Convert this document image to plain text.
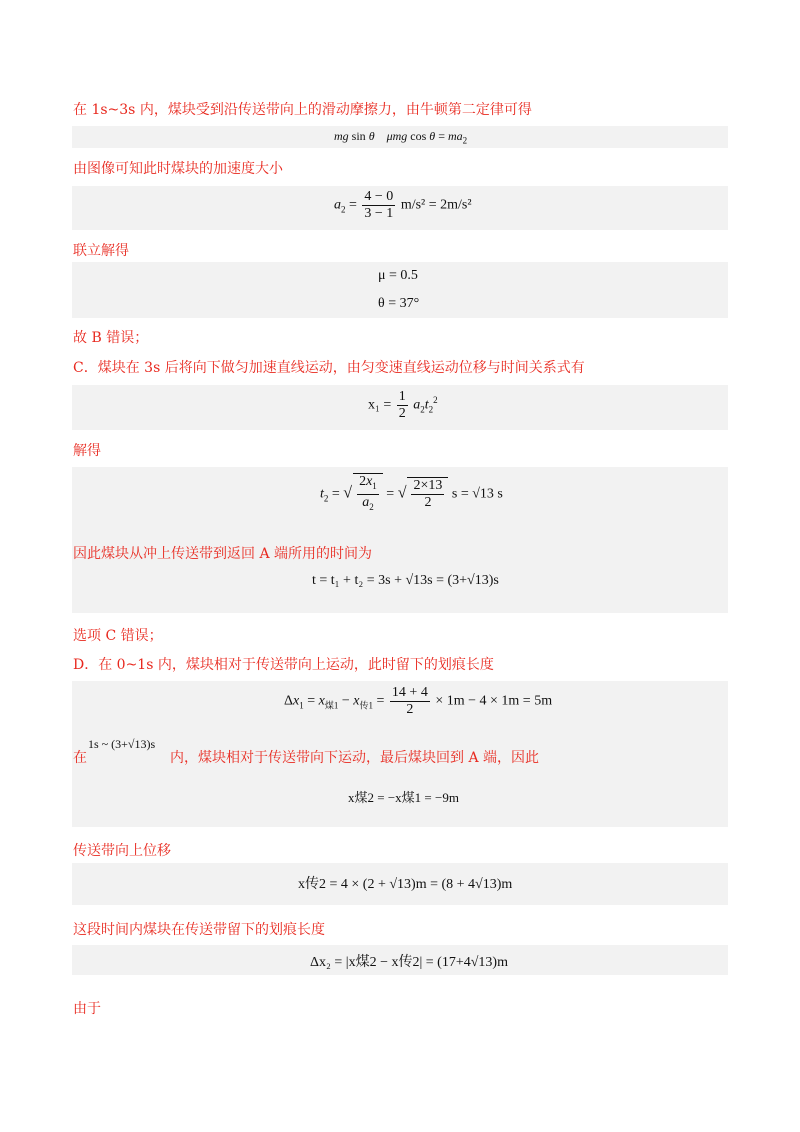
在 1s~3s 内，煤块受到沿传送带向上的滑动摩擦力，由牛顿第二定律可得
mg sin θ μmg $\cos \theta = ma_2$
由图像可知此时煤块的加速度大小
$a_2 = \frac{4 - 0}{3 - 1} m/s^2 = 2m/s^2$
联立解得
μ = 0.5
θ = 37°
故 B 错误；
C．煤块在 3s 后将向下做匀加速直线运动，由匀变速直线运动位移与时间关系式有
$x_1 = \frac{1}{2} a_2t_2^2$
解得
$t_2$ = √ $\frac{2x_1}{a_2}$ = √ $\frac{2\times 13}{2}$ s = √13 s
因此煤块从冲上传送带到返回 A 端所用的时间为
t = t₁ + t₂ = 3s + √13s = (3+√13)s
选项 C 错误；
D．在 0~1s 内，煤块相对于传送带向上运动，此时留下的划痕长度
$\Delta x_1 = x_{煤1} - x_{传1} = \frac{14 + 4}{2} \times 1m - 4 \times 1m = 5m$
在
1s ~ (3+√13)s
内，煤块相对于传送带向下运动，最后煤块回到 A 端，因此
x煤2 = −x煤1 = −9m
传送带向上位移
x传2 = 4 × (2 + √13)m = (8 + 4√13)m
这段时间内煤块在传送带留下的划痕长度
Δx₂ = |x煤2 − x传2| = (17+4√13)m
由于
